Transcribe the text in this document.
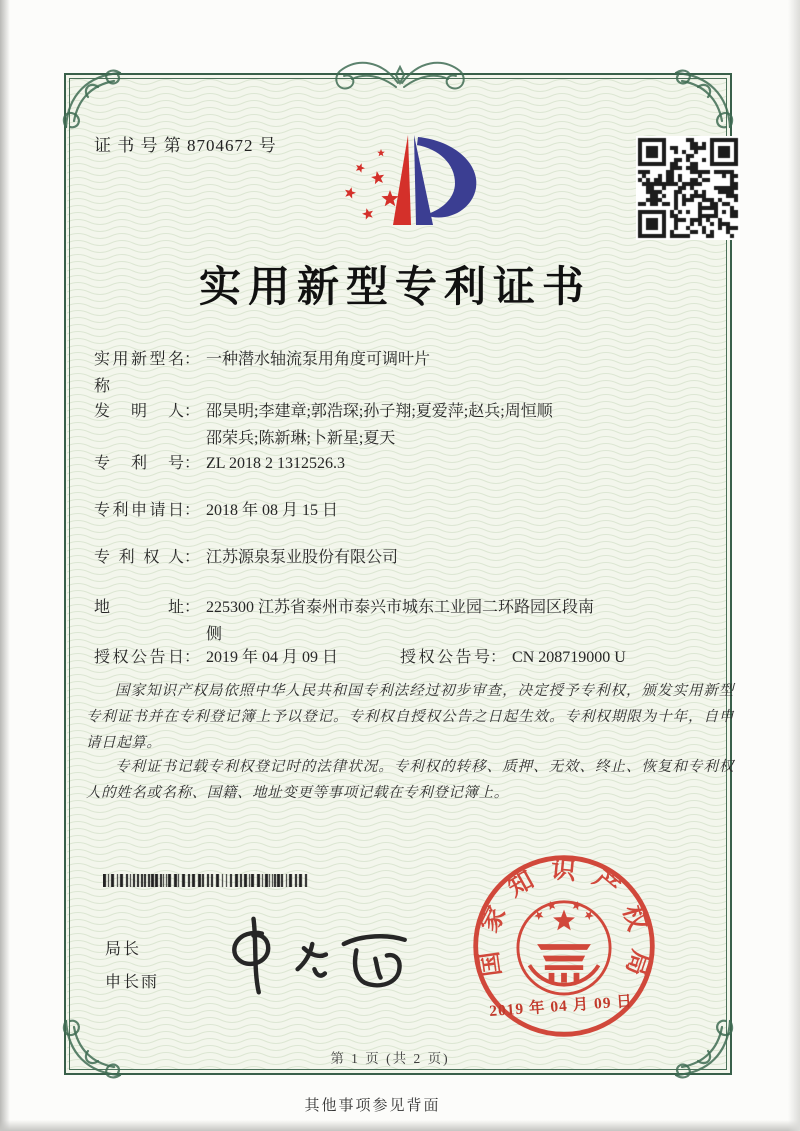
证 书 号 第 8704672 号
实用新型专利证书
实用新型名称： 一种潜水轴流泵用角度可调叶片
发明人： 邵昊明;李建章;郭浩琛;孙子翔;夏爱萍;赵兵;周恒顺
邵荣兵;陈新琳;卜新星;夏天
专利号： ZL 2018 2 1312526.3
专利申请日： 2018 年 08 月 15 日
专利权人： 江苏源泉泵业股份有限公司
地址： 225300 江苏省泰州市泰兴市城东工业园二环路园区段南
侧
授权公告日： 2019 年 04 月 09 日	授权公告号： CN 208719000 U
国家知识产权局依照中华人民共和国专利法经过初步审查，决定授予专利权，颁发实用新型专利证书并在专利登记簿上予以登记。专利权自授权公告之日起生效。专利权期限为十年，自申请日起算。
专利证书记载专利权登记时的法律状况。专利权的转移、质押、无效、终止、恢复和专利权人的姓名或名称、国籍、地址变更等事项记载在专利登记簿上。
局长
申长雨
国家知识产权局
2019 年 04 月 09 日
第 1 页 (共 2 页)
其他事项参见背面
